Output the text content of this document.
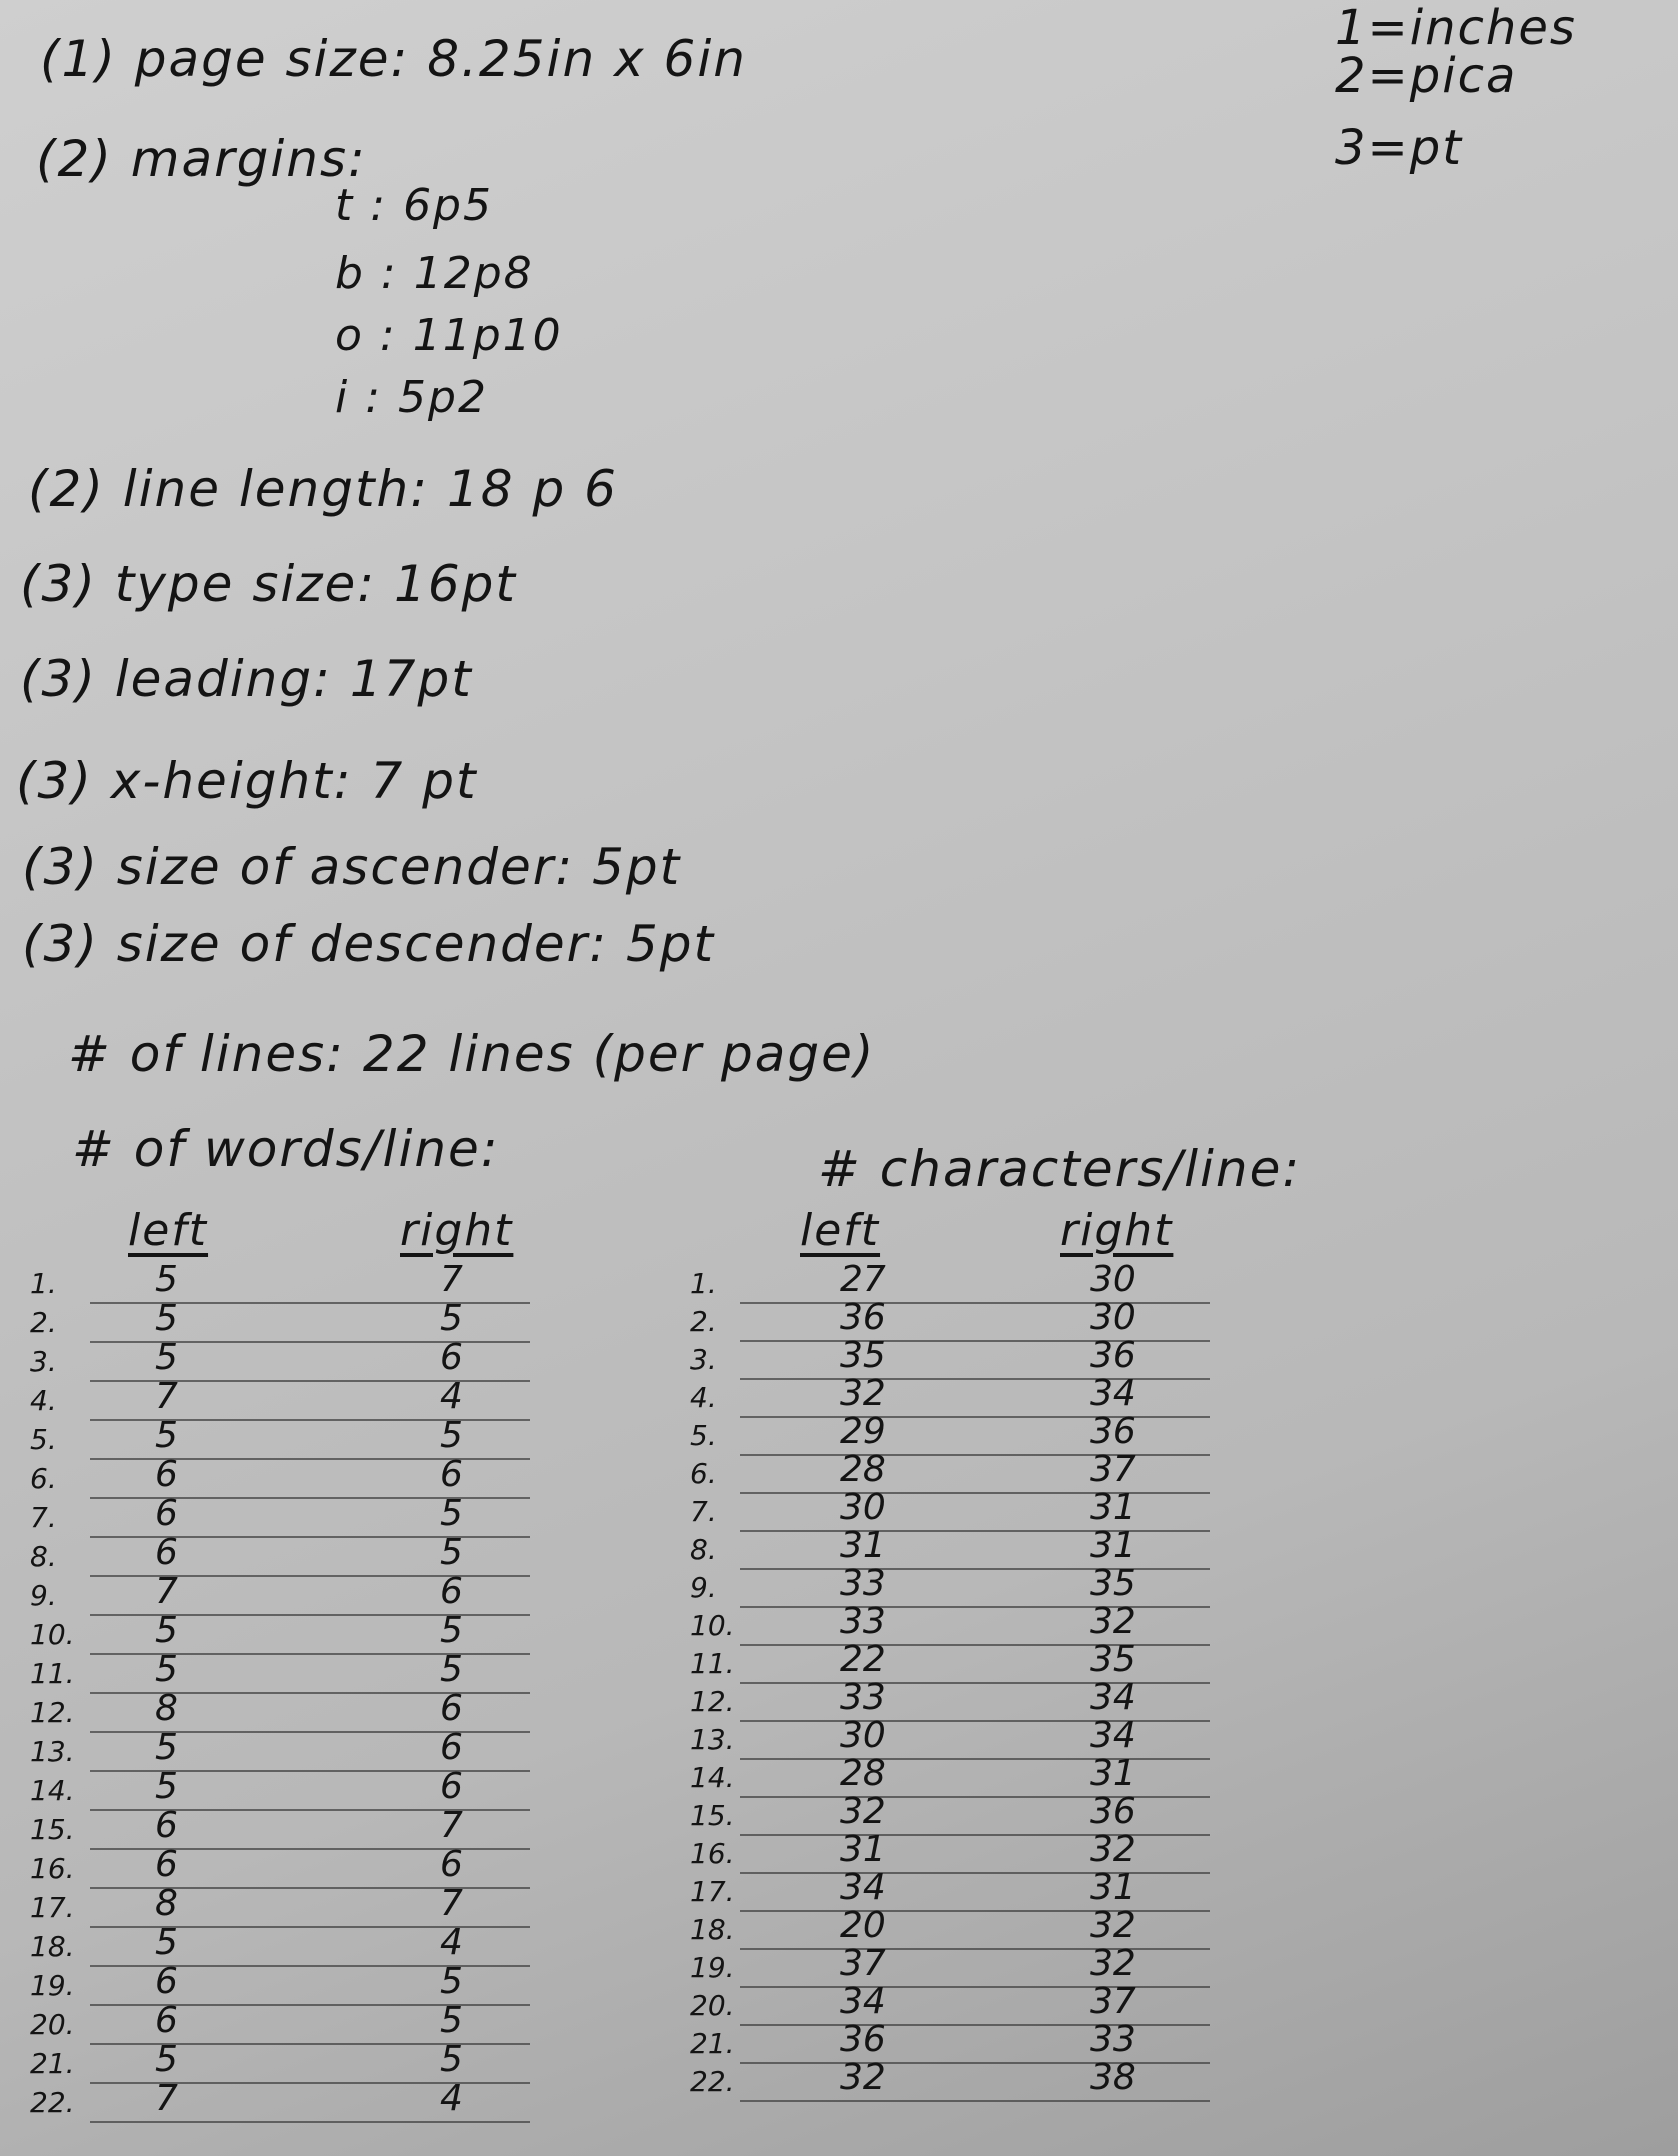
1=inches
2=pica
3=pt
(1) page size: 8.25in x 6in
(2) margins:
t : 6p5
b : 12p8
o : 11p10
i : 5p2
(2) line length: 18 p 6
(3) type size: 16pt
(3) leading: 17pt
(3) x-height: 7 pt
(3) size of ascender: 5pt
(3) size of descender: 5pt
# of lines: 22 lines (per page)
# of words/line:
left	right
1.	5	7
2.	5	5
3.	5	6
4.	7	4
5.	5	5
6.	6	6
7.	6	5
8.	6	5
9.	7	6
10. 5	5
11. 5	5
12. 8	6
13. 5	6
14. 5	6
15. 6	7
16. 6	6
17. 8	7
18. 5	4
19. 6	5
20. 6	5
21. 5	5
22. 7	4
# characters/line:
left	right
1.	27	30
2.	36	30
3.	35	36
4.	32	34
5.	29	36
6.	28	37
7.	30	31
8.	31	31
9.	33	35
10.	33	32
11.	22	35
12.	33	34
13.	30	34
14.	28	31
15.	32	36
16.	31	32
17.	34	31
18.	20	32
19.	37	32
20.	34	37
21.	36	33
22.	32	38
